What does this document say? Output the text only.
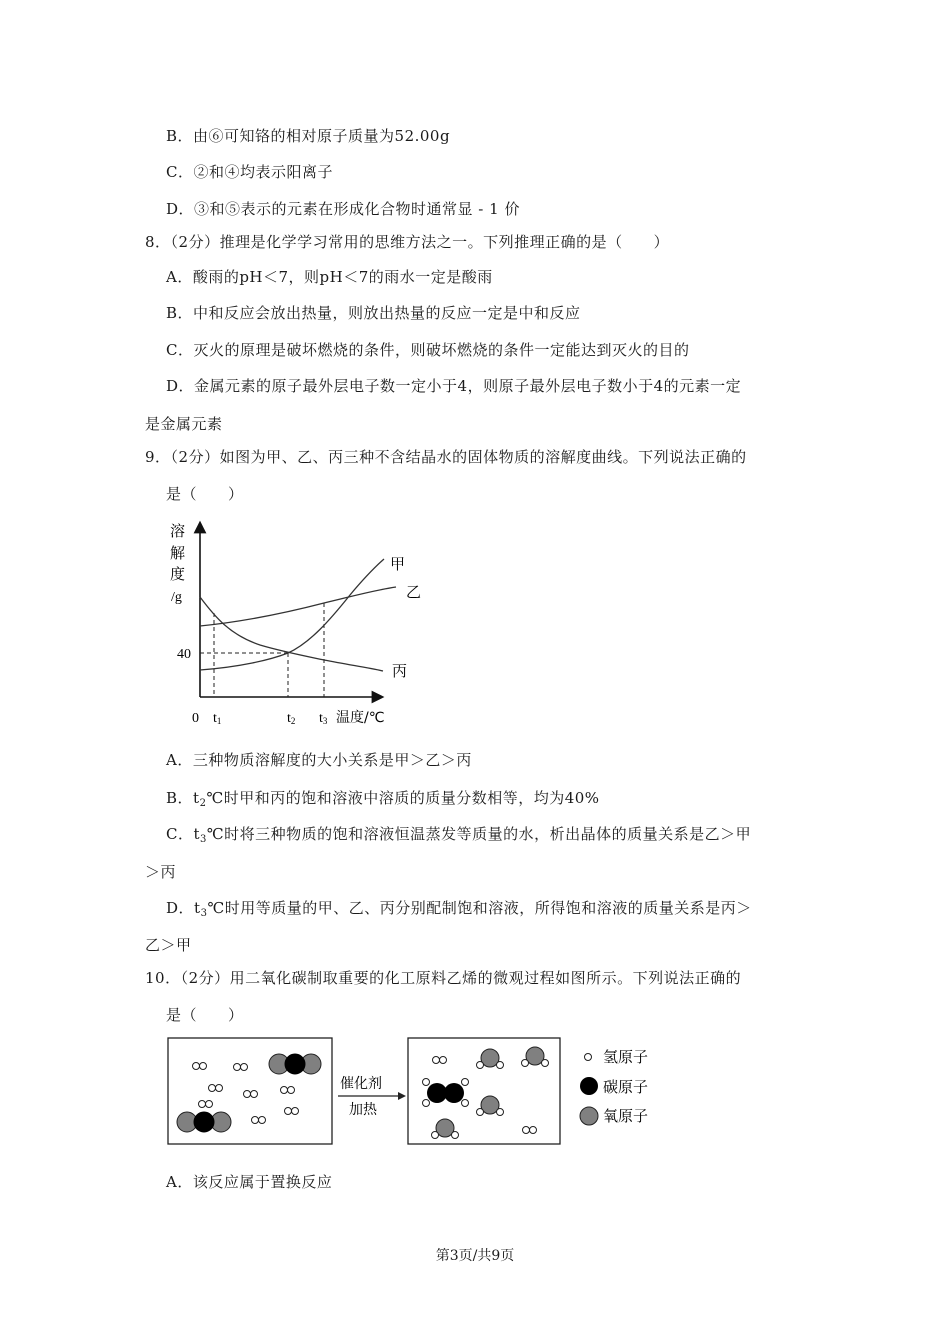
B．由⑥可知铬的相对原子质量为52.00g
C．②和④均表示阳离子
D．③和⑤表示的元素在形成化合物时通常显 - 1 价
8．（2分）推理是化学学习常用的思维方法之一。下列推理正确的是（　　）
A．酸雨的pH＜7，则pH＜7的雨水一定是酸雨
B．中和反应会放出热量，则放出热量的反应一定是中和反应
C．灭火的原理是破坏燃烧的条件，则破坏燃烧的条件一定能达到灭火的目的
D．金属元素的原子最外层电子数一定小于4，则原子最外层电子数小于4的元素一定
是金属元素
9．（2分）如图为甲、乙、丙三种不含结晶水的固体物质的溶解度曲线。下列说法正确的
是（　　）
溶
解
度
/g
40
甲
乙
丙
0 t1	t2 t3 温度/℃
A．三种物质溶解度的大小关系是甲＞乙＞丙
B．$t_2℃$时甲和丙的饱和溶液中溶质的质量分数相等，均为40%
C．$t_3℃$时将三种物质的饱和溶液恒温蒸发等质量的水，析出晶体的质量关系是乙＞甲
＞丙
D．$t_3℃$时用等质量的甲、乙、丙分别配制饱和溶液，所得饱和溶液的质量关系是丙＞
乙＞甲
10．（2分）用二氧化碳制取重要的化工原料乙烯的微观过程如图所示。下列说法正确的
是（　　）
催化剂
加热
氢原子
碳原子
氧原子
A．该反应属于置换反应
第3页/共9页
